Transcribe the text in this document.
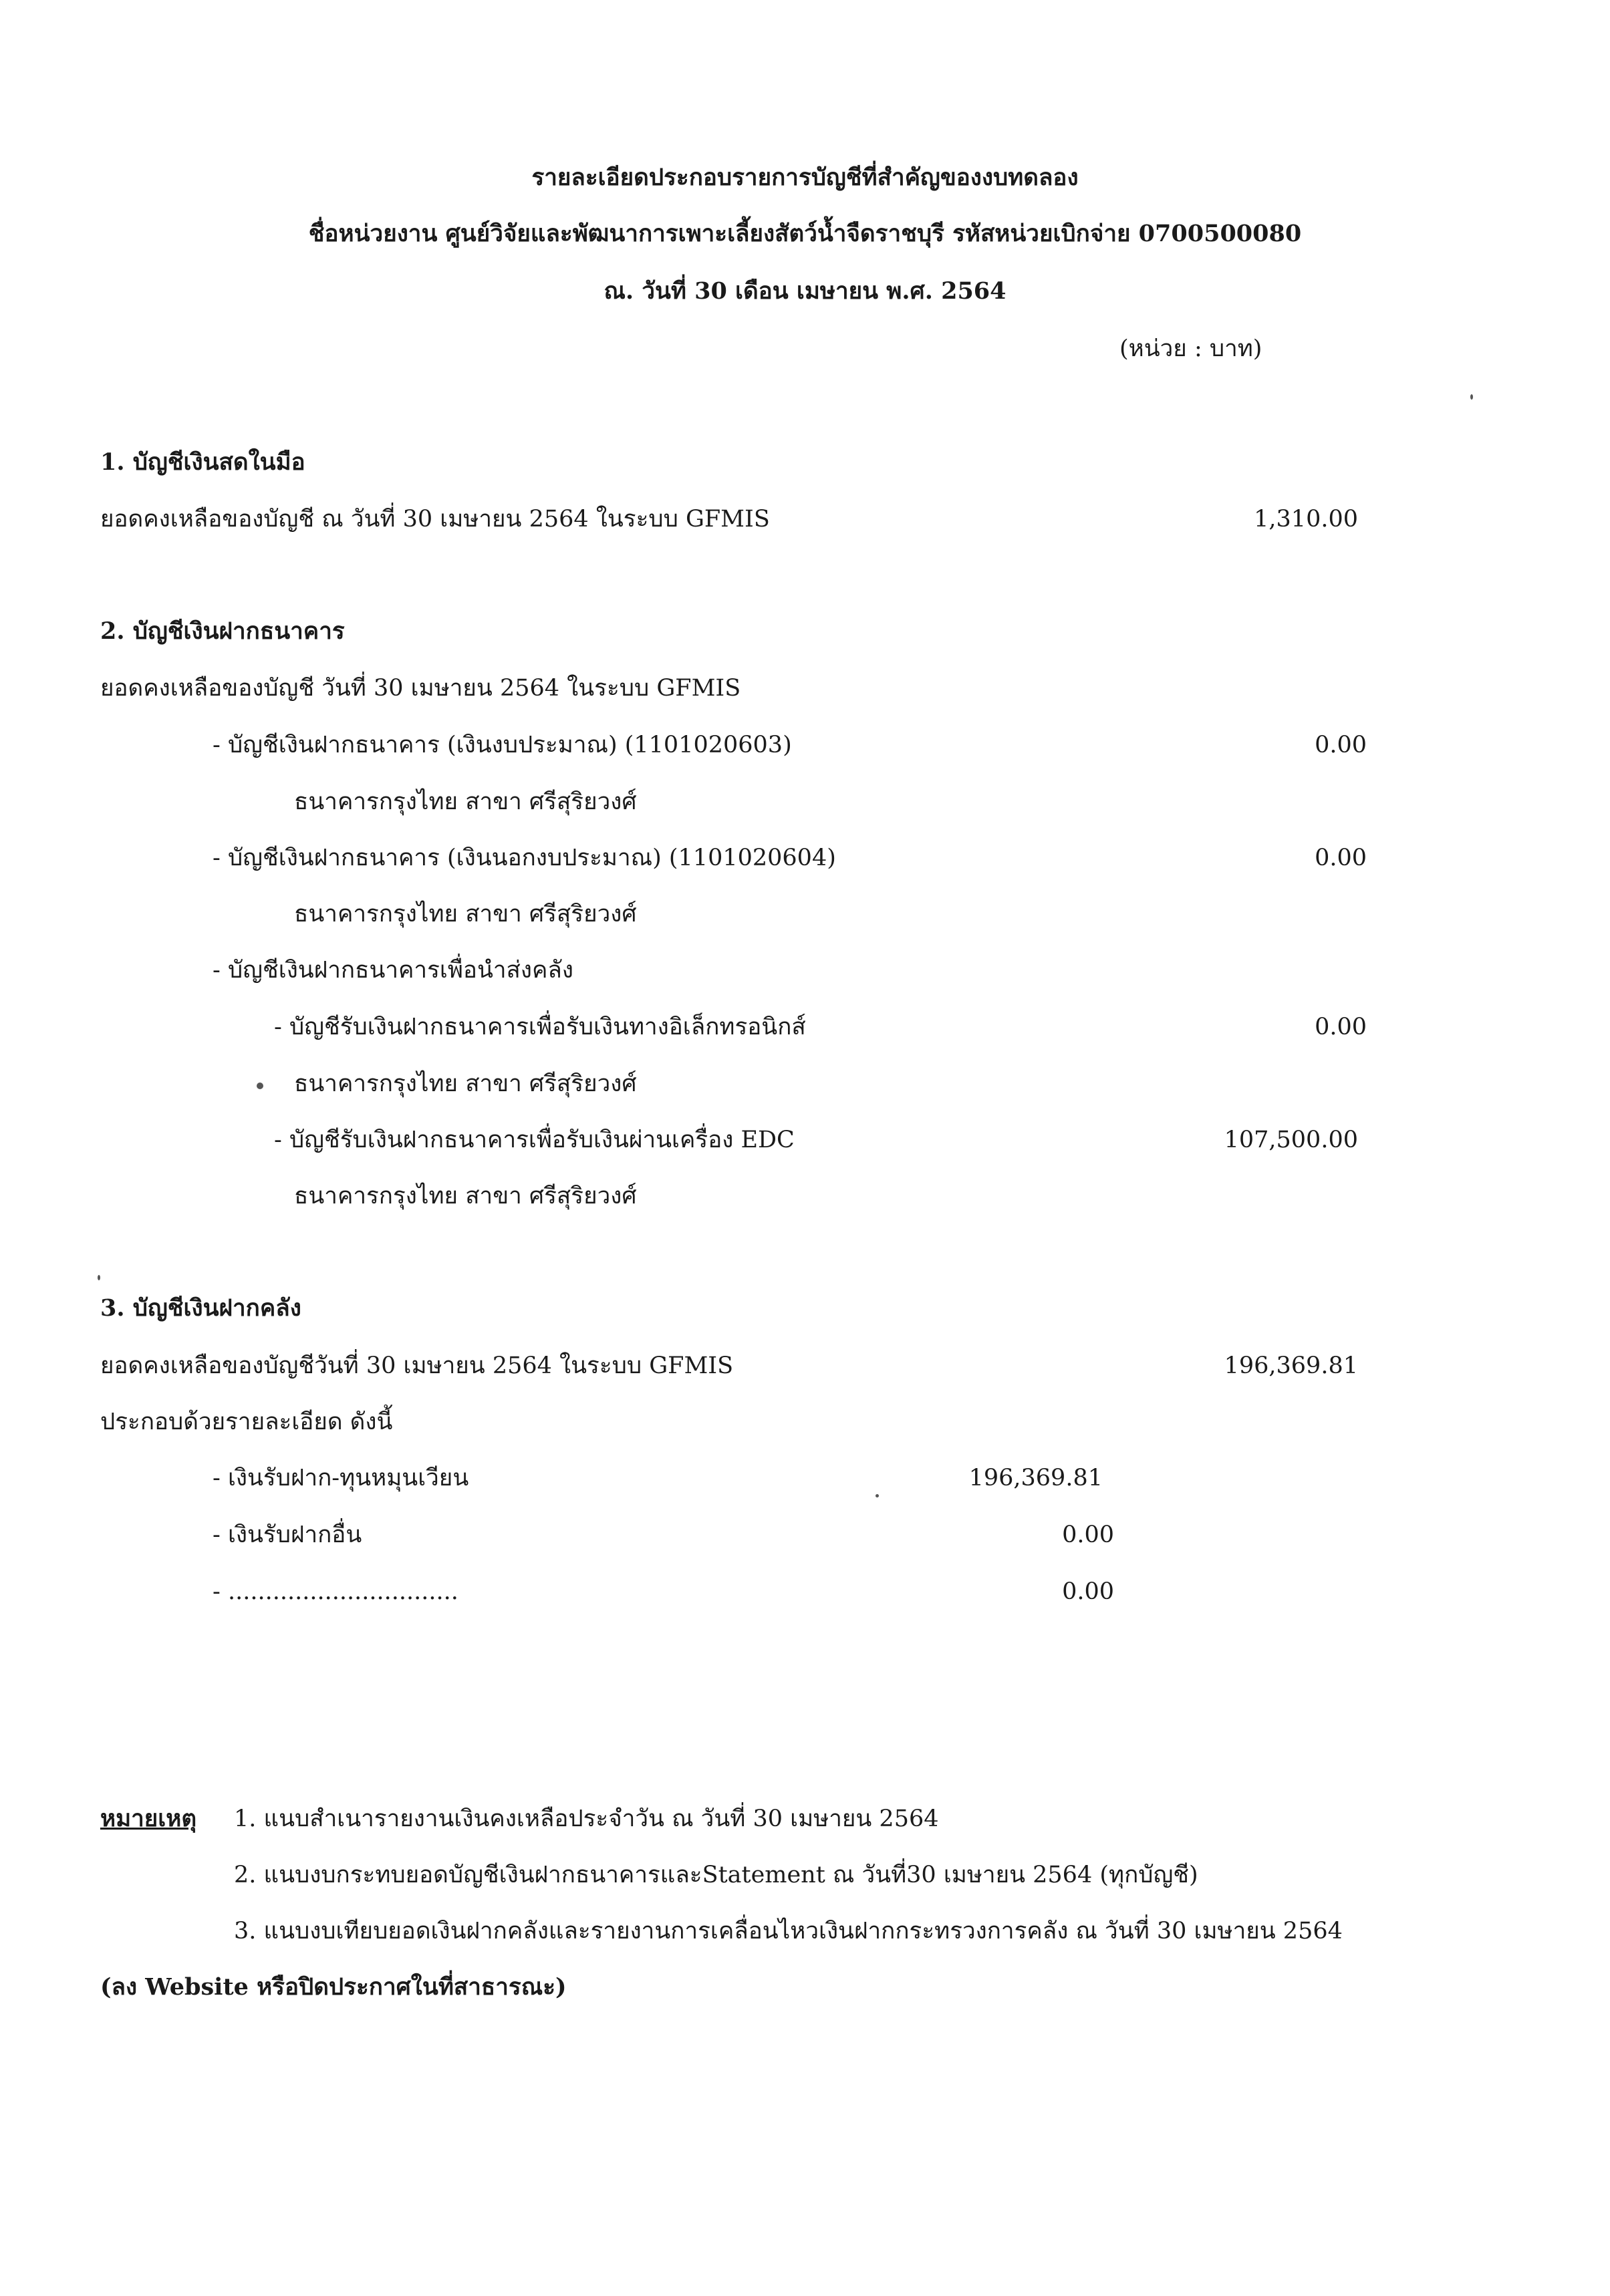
รายละเอียดประกอบรายการบัญชีที่สำคัญของงบทดลอง
ชื่อหน่วยงาน ศูนย์วิจัยและพัฒนาการเพาะเลี้ยงสัตว์น้ำจืดราชบุรี รหัสหน่วยเบิกจ่าย 0700500080
ณ. วันที่ 30 เดือน เมษายน พ.ศ. 2564
(หน่วย : บาท)
1. บัญชีเงินสดในมือ
ยอดคงเหลือของบัญชี ณ วันที่ 30 เมษายน 2564 ในระบบ GFMIS	1,310.00
2. บัญชีเงินฝากธนาคาร
ยอดคงเหลือของบัญชี วันที่ 30 เมษายน 2564 ในระบบ GFMIS
- บัญชีเงินฝากธนาคาร (เงินงบประมาณ) (1101020603)	0.00
ธนาคารกรุงไทย สาขา ศรีสุริยวงศ์
- บัญชีเงินฝากธนาคาร (เงินนอกงบประมาณ) (1101020604)	0.00
ธนาคารกรุงไทย สาขา ศรีสุริยวงศ์
- บัญชีเงินฝากธนาคารเพื่อนำส่งคลัง
- บัญชีรับเงินฝากธนาคารเพื่อรับเงินทางอิเล็กทรอนิกส์	0.00
ธนาคารกรุงไทย สาขา ศรีสุริยวงศ์
- บัญชีรับเงินฝากธนาคารเพื่อรับเงินผ่านเครื่อง EDC	107,500.00
ธนาคารกรุงไทย สาขา ศรีสุริยวงศ์
3. บัญชีเงินฝากคลัง
ยอดคงเหลือของบัญชีวันที่ 30 เมษายน 2564 ในระบบ GFMIS	196,369.81
ประกอบด้วยรายละเอียด ดังนี้
- เงินรับฝาก-ทุนหมุนเวียน	196,369.81
- เงินรับฝากอื่น	0.00
- ...............................	0.00
หมายเหตุ 1. แนบสำเนารายงานเงินคงเหลือประจำวัน ณ วันที่ 30 เมษายน 2564
2. แนบงบกระทบยอดบัญชีเงินฝากธนาคารและStatement ณ วันที่30 เมษายน 2564 (ทุกบัญชี)
3. แนบงบเทียบยอดเงินฝากคลังและรายงานการเคลื่อนไหวเงินฝากกระทรวงการคลัง ณ วันที่ 30 เมษายน 2564
(ลง Website หรือปิดประกาศในที่สาธารณะ)
